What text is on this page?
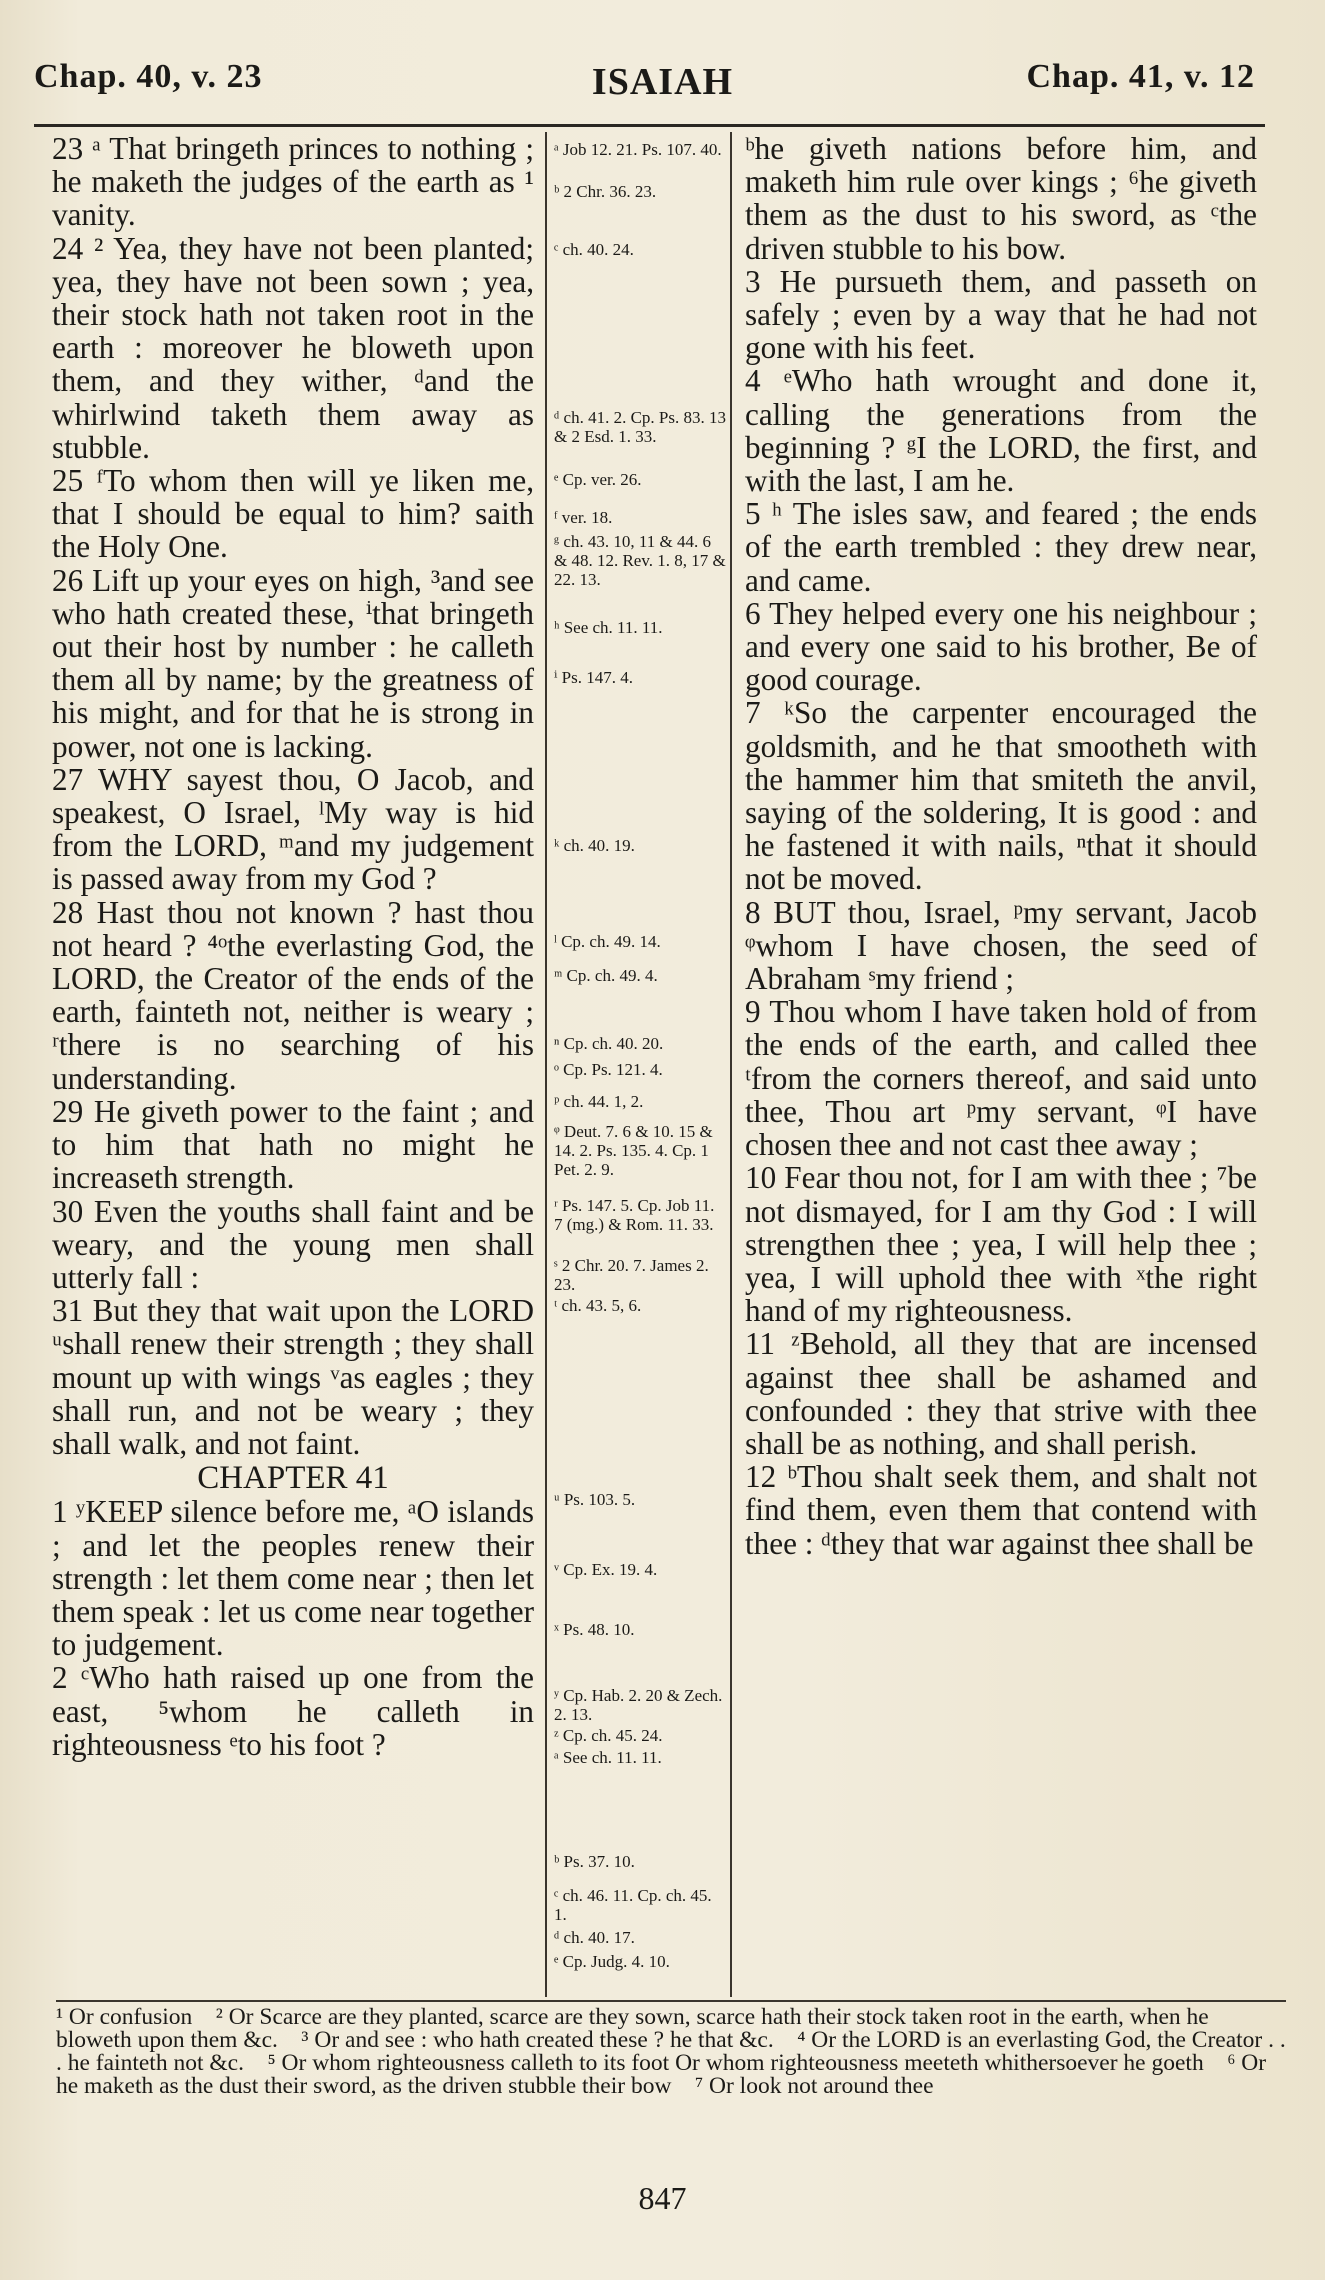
Chap. 40, v. 23	ISAIAH	Chap. 41, v. 12

23 ᵃ That bringeth princes to nothing ; he maketh the judges of the earth as ¹ vanity.

24 ² Yea, they have not been planted; yea, they have not been sown ; yea, their stock hath not taken root in the earth : moreover he bloweth upon them, and they wither, ᵈand the whirlwind taketh them away as stubble.

25 ᶠTo whom then will ye liken me, that I should be equal to him? saith the Holy One.

26 Lift up your eyes on high, ³and see who hath created these, ⁱthat bringeth out their host by number : he calleth them all by name; by the greatness of his might, and for that he is strong in power, not one is lacking.

27 WHY sayest thou, O Jacob, and speakest, O Israel, ˡMy way is hid from the LORD, ᵐand my judgement is passed away from my God ?

28 Hast thou not known ? hast thou not heard ? ⁴ᵒthe everlasting God, the LORD, the Creator of the ends of the earth, fainteth not, neither is weary ; ʳthere is no searching of his understanding.

29 He giveth power to the faint ; and to him that hath no might he increaseth strength.

30 Even the youths shall faint and be weary, and the young men shall utterly fall :

31 But they that wait upon the LORD ᵘshall renew their strength ; they shall mount up with wings ᵛas eagles ; they shall run, and not be weary ; they shall walk, and not faint.

CHAPTER 41

1 ʸKEEP silence before me, ᵃO islands ; and let the peoples renew their strength : let them come near ; then let them speak : let us come near together to judgement.

2 ᶜWho hath raised up one from the east, ⁵whom he calleth in righteousness ᵉto his foot ?

ᵃ Job 12. 21. Ps. 107. 40.
ᵇ 2 Chr. 36. 23.
ᶜ ch. 40. 24.
ᵈ ch. 41. 2. Cp. Ps. 83. 13 & 2 Esd. 1. 33.
ᵉ Cp. ver. 26.
ᶠ ver. 18.
ᵍ ch. 43. 10, 11 & 44. 6 & 48. 12. Rev. 1. 8, 17 & 22. 13.
ʰ See ch. 11. 11.
ⁱ Ps. 147. 4.
ᵏ ch. 40. 19.
ˡ Cp. ch. 49. 14.
ᵐ Cp. ch. 49. 4.
ⁿ Cp. ch. 40. 20.
ᵒ Cp. Ps. 121. 4.
ᵖ ch. 44. 1, 2.
ᵠ Deut. 7. 6 & 10. 15 & 14. 2. Ps. 135. 4. Cp. 1 Pet. 2. 9.
ʳ Ps. 147. 5. Cp. Job 11. 7 (mg.) & Rom. 11. 33.
ˢ 2 Chr. 20. 7. James 2. 23.
ᵗ ch. 43. 5, 6.
ᵘ Ps. 103. 5.
ᵛ Cp. Ex. 19. 4.
ˣ Ps. 48. 10.
ʸ Cp. Hab. 2. 20 & Zech. 2. 13.
ᶻ Cp. ch. 45. 24.
ᵃ See ch. 11. 11.
ᵇ Ps. 37. 10.
ᶜ ch. 46. 11. Cp. ch. 45. 1.
ᵈ ch. 40. 17.
ᵉ Cp. Judg. 4. 10.

ᵇhe giveth nations before him, and maketh him rule over kings ; ⁶he giveth them as the dust to his sword, as ᶜthe driven stubble to his bow.

3 He pursueth them, and passeth on safely ; even by a way that he had not gone with his feet.

4 ᵉWho hath wrought and done it, calling the generations from the beginning ? ᵍI the LORD, the first, and with the last, I am he.

5 ʰ The isles saw, and feared ; the ends of the earth trembled : they drew near, and came.

6 They helped every one his neighbour ; and every one said to his brother, Be of good courage.

7 ᵏSo the carpenter encouraged the goldsmith, and he that smootheth with the hammer him that smiteth the anvil, saying of the soldering, It is good : and he fastened it with nails, ⁿthat it should not be moved.

8 BUT thou, Israel, ᵖmy servant, Jacob ᵠwhom I have chosen, the seed of Abraham ˢmy friend ;

9 Thou whom I have taken hold of from the ends of the earth, and called thee ᵗfrom the corners thereof, and said unto thee, Thou art ᵖmy servant, ᵠI have chosen thee and not cast thee away ;

10 Fear thou not, for I am with thee ; ⁷be not dismayed, for I am thy God : I will strengthen thee ; yea, I will help thee ; yea, I will uphold thee with ˣthe right hand of my righteousness.

11 ᶻBehold, all they that are incensed against thee shall be ashamed and confounded : they that strive with thee shall be as nothing, and shall perish.

12 ᵇThou shalt seek them, and shalt not find them, even them that contend with thee : ᵈthey that war against thee shall be

¹ Or confusion ² Or Scarce are they planted, scarce are they sown, scarce hath their stock taken root in the earth, when he bloweth upon them &c. ³ Or and see : who hath created these ? he that &c. ⁴ Or the LORD is an everlasting God, the Creator . . . he fainteth not &c. ⁵ Or whom righteousness calleth to its foot Or whom righteousness meeteth whithersoever he goeth ⁶ Or he maketh as the dust their sword, as the driven stubble their bow ⁷ Or look not around thee
847
